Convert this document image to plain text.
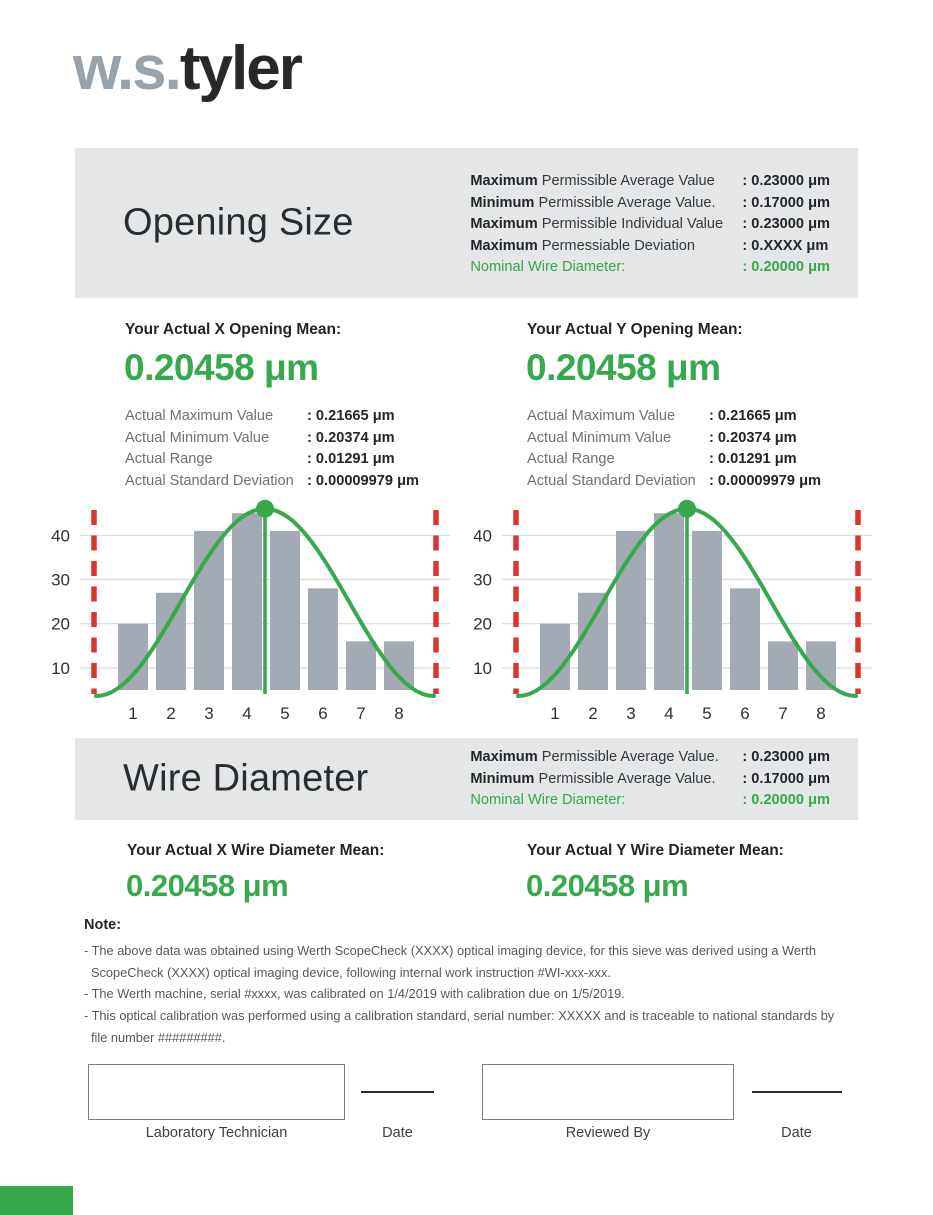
w.s.tyler
Opening Size
Maximum Permissible Average Value	: 0.23000 μm
Minimum Permissible Average Value.	: 0.17000 μm
Maximum Permissible Individual Value	: 0.23000 μm
Maximum Permessiable Deviation	: 0.XXXX μm
Nominal Wire Diameter:	: 0.20000 μm
Your Actual X Opening Mean:
0.20458 μm
Actual Maximum Value	: 0.21665 μm
Actual Minimum Value	: 0.20374 μm
Actual Range	: 0.01291 μm
Actual Standard Deviation : 0.00009979 μm
Your Actual Y Opening Mean:
0.20458 μm
Actual Maximum Value	: 0.21665 μm
Actual Minimum Value	: 0.20374 μm
Actual Range	: 0.01291 μm
Actual Standard Deviation : 0.00009979 μm
10
20
30
40
1 2 3 4 5 6 7 8
10
20
30
40
1 2 3 4 5 6 7 8
Wire Diameter
Maximum Permissible Average Value.	: 0.23000 μm
Minimum Permissible Average Value.	: 0.17000 μm
Nominal Wire Diameter:	: 0.20000 μm
Your Actual X Wire Diameter Mean:
0.20458 μm
Your Actual Y Wire Diameter Mean:
0.20458 μm
Note:
- The above data was obtained using Werth ScopeCheck (XXXX) optical imaging device, for this sieve was derived using a Werth
ScopeCheck (XXXX) optical imaging device, following internal work instruction #WI-xxx-xxx.
- The Werth machine, serial #xxxx, was calibrated on 1/4/2019 with calibration due on 1/5/2019.
- This optical calibration was performed using a calibration standard, serial number: XXXXX and is traceable to national standards by
file number #########.
Laboratory Technician	Date	Reviewed By	Date
